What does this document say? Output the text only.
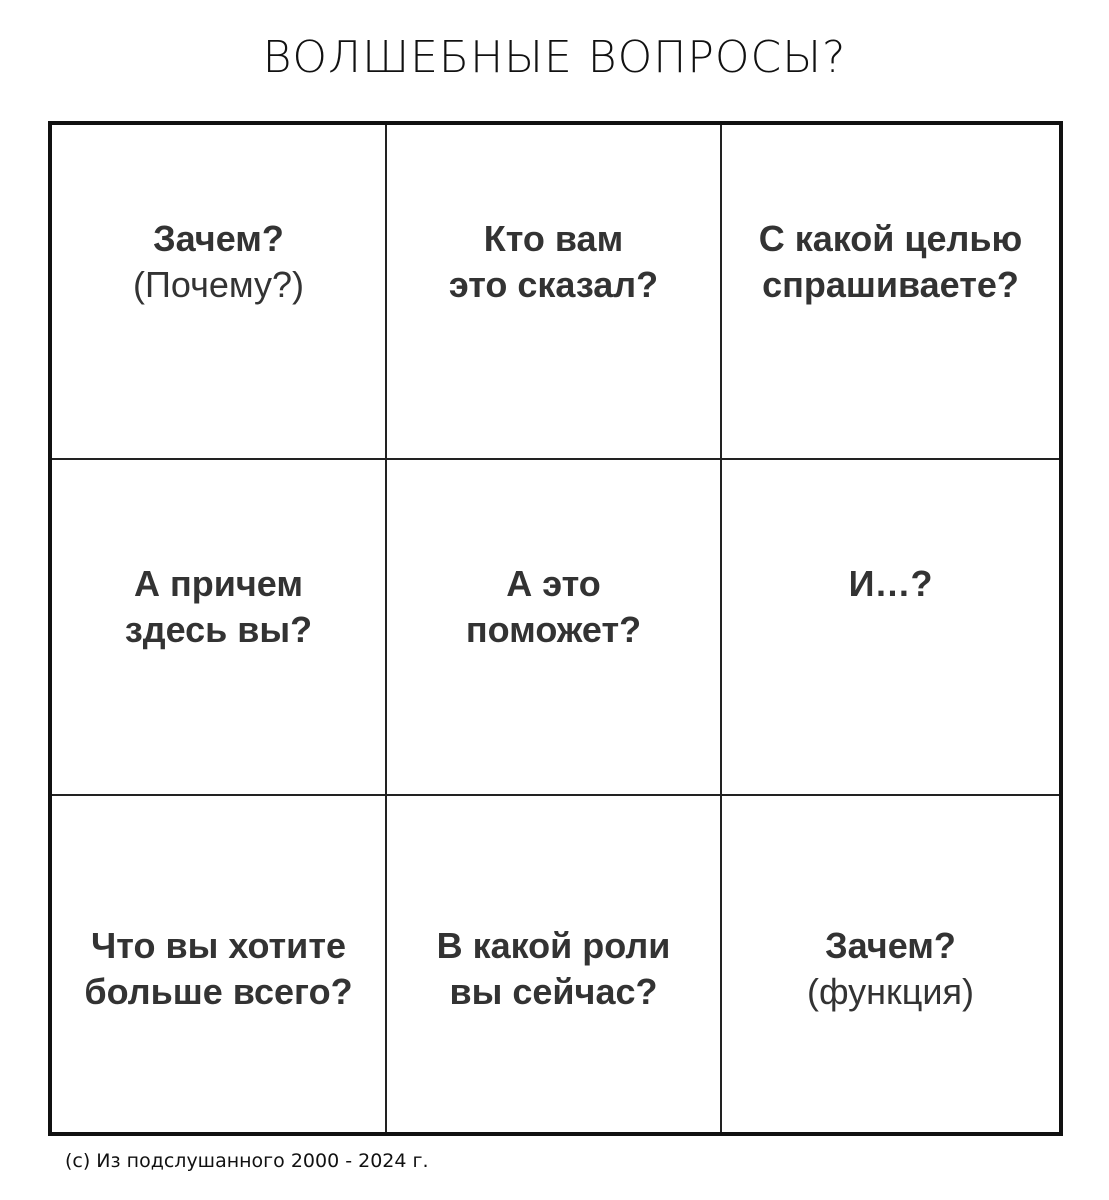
ВОЛШЕБНЫЕ ВОПРОСЫ?
Зачем?
(Почему?)
Кто вам
это сказал?
С какой целью
спрашиваете?
А причем
здесь вы?
А это
поможет?
И…?
Что вы хотите
больше всего?
В какой роли
вы сейчас?
Зачем?
(функция)
(с) Из подслушанного 2000 - 2024 г.
